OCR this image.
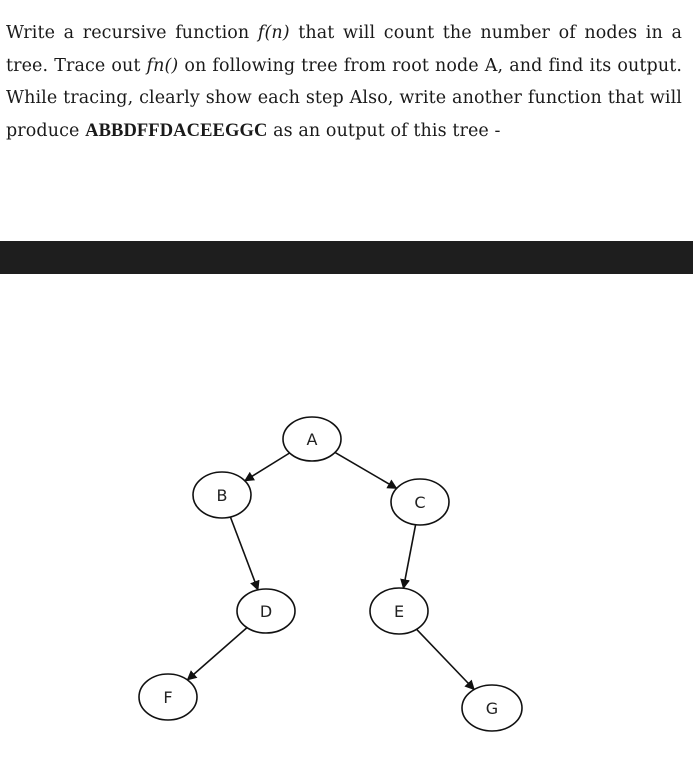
Write a recursive function f(n) that will count the number of nodes in a tree. Trace out fn() on following tree from root node A, and find its output. While tracing, clearly show each step Also, write another function that will produce ABBDFFDACEEGGC as an output of this tree -

A
B	C
D	E
F
G
